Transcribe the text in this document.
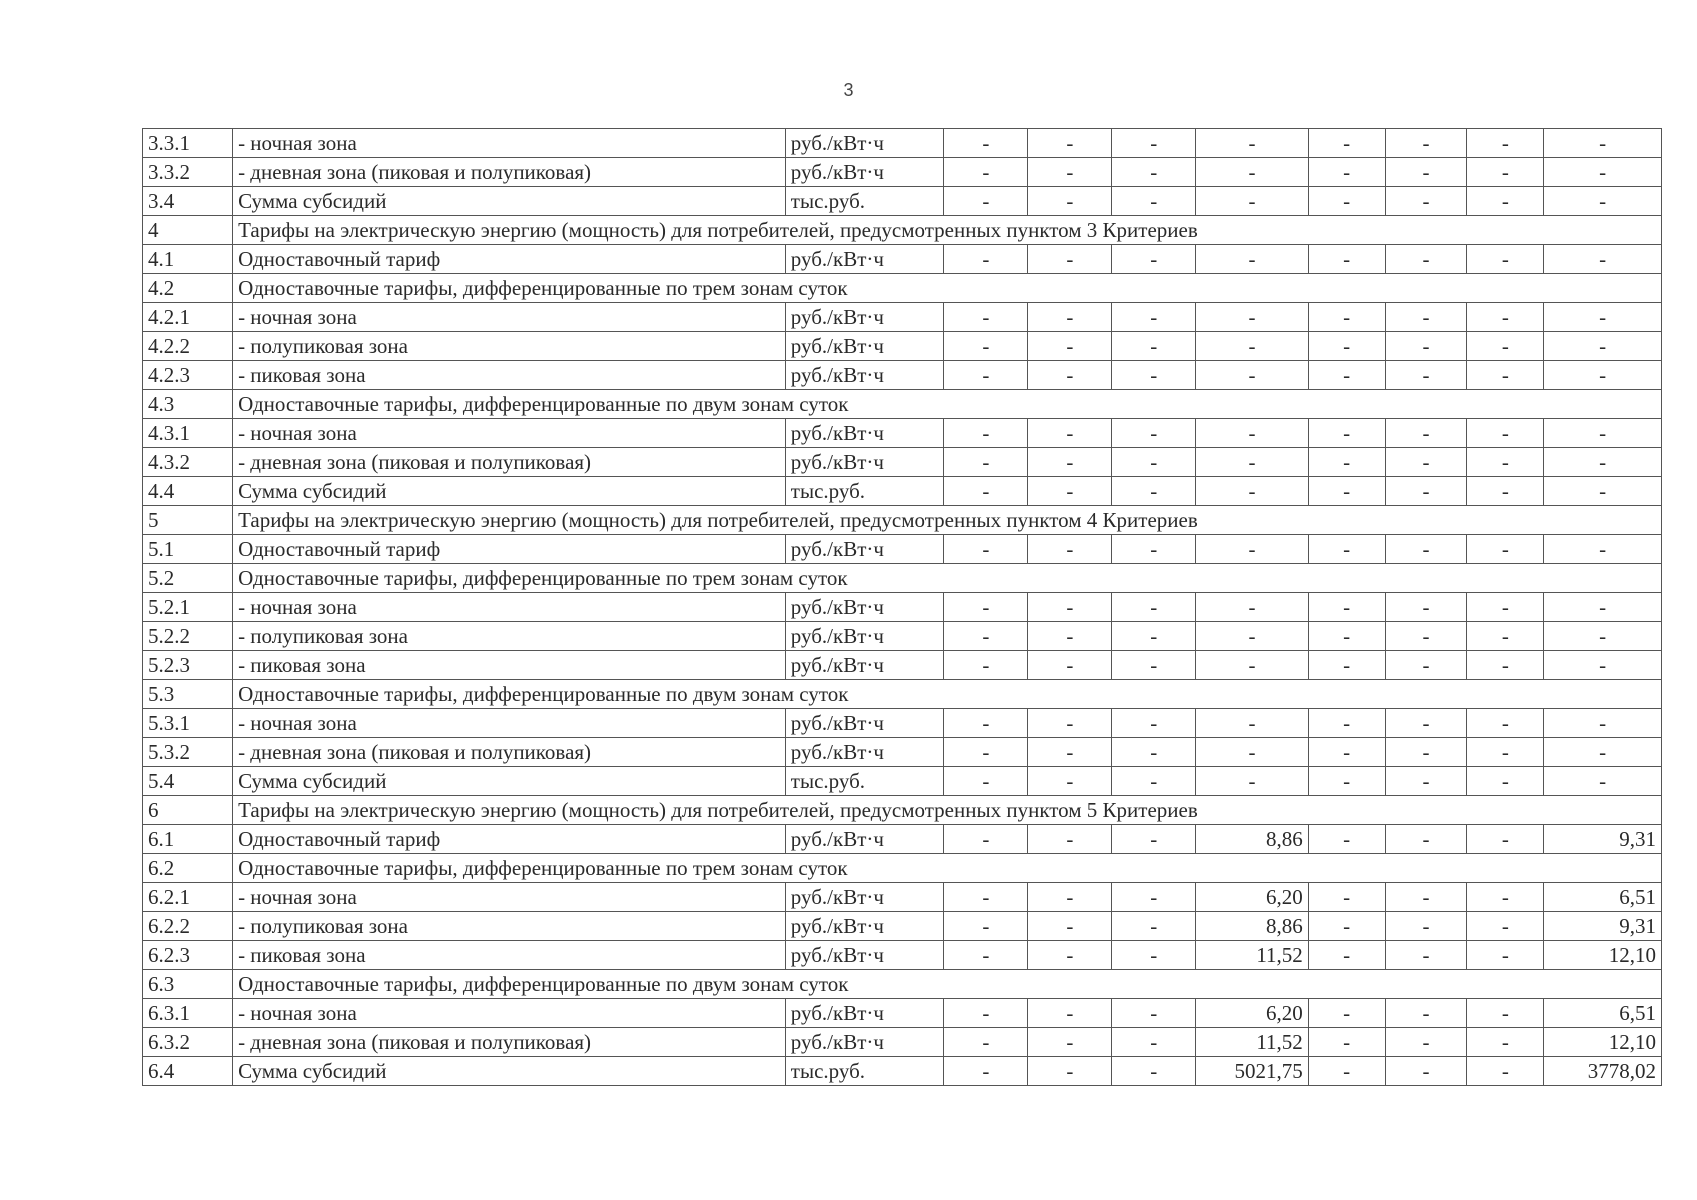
3
3.3.1	- ночная зона	руб./кВт·ч	-	-	-	-	-	-	-	-
3.3.2	- дневная зона (пиковая и полупиковая)	руб./кВт·ч	-	-	-	-	-	-	-	-
3.4	Сумма субсидий	тыс.руб.	-	-	-	-	-	-	-	-
4	Тарифы на электрическую энергию (мощность) для потребителей, предусмотренных пунктом 3 Критериев									
4.1	Одноставочный тариф	руб./кВт·ч	-	-	-	-	-	-	-	-
4.2	Одноставочные тарифы, дифференцированные по трем зонам суток									
4.2.1	- ночная зона	руб./кВт·ч	-	-	-	-	-	-	-	-
4.2.2	- полупиковая зона	руб./кВт·ч	-	-	-	-	-	-	-	-
4.2.3	- пиковая зона	руб./кВт·ч	-	-	-	-	-	-	-	-
4.3	Одноставочные тарифы, дифференцированные по двум зонам суток									
4.3.1	- ночная зона	руб./кВт·ч	-	-	-	-	-	-	-	-
4.3.2	- дневная зона (пиковая и полупиковая)	руб./кВт·ч	-	-	-	-	-	-	-	-
4.4	Сумма субсидий	тыс.руб.	-	-	-	-	-	-	-	-
5	Тарифы на электрическую энергию (мощность) для потребителей, предусмотренных пунктом 4 Критериев									
5.1	Одноставочный тариф	руб./кВт·ч	-	-	-	-	-	-	-	-
5.2	Одноставочные тарифы, дифференцированные по трем зонам суток									
5.2.1	- ночная зона	руб./кВт·ч	-	-	-	-	-	-	-	-
5.2.2	- полупиковая зона	руб./кВт·ч	-	-	-	-	-	-	-	-
5.2.3	- пиковая зона	руб./кВт·ч	-	-	-	-	-	-	-	-
5.3	Одноставочные тарифы, дифференцированные по двум зонам суток									
5.3.1	- ночная зона	руб./кВт·ч	-	-	-	-	-	-	-	-
5.3.2	- дневная зона (пиковая и полупиковая)	руб./кВт·ч	-	-	-	-	-	-	-	-
5.4	Сумма субсидий	тыс.руб.	-	-	-	-	-	-	-	-
6	Тарифы на электрическую энергию (мощность) для потребителей, предусмотренных пунктом 5 Критериев									
6.1	Одноставочный тариф	руб./кВт·ч	-	-	-	8,86	-	-	-	9,31
6.2	Одноставочные тарифы, дифференцированные по трем зонам суток									
6.2.1	- ночная зона	руб./кВт·ч	-	-	-	6,20	-	-	-	6,51
6.2.2	- полупиковая зона	руб./кВт·ч	-	-	-	8,86	-	-	-	9,31
6.2.3	- пиковая зона	руб./кВт·ч	-	-	-	11,52	-	-	-	12,10
6.3	Одноставочные тарифы, дифференцированные по двум зонам суток									
6.3.1	- ночная зона	руб./кВт·ч	-	-	-	6,20	-	-	-	6,51
6.3.2	- дневная зона (пиковая и полупиковая)	руб./кВт·ч	-	-	-	11,52	-	-	-	12,10
6.4	Сумма субсидий	тыс.руб.	-	-	-	5021,75	-	-	-	3778,02
